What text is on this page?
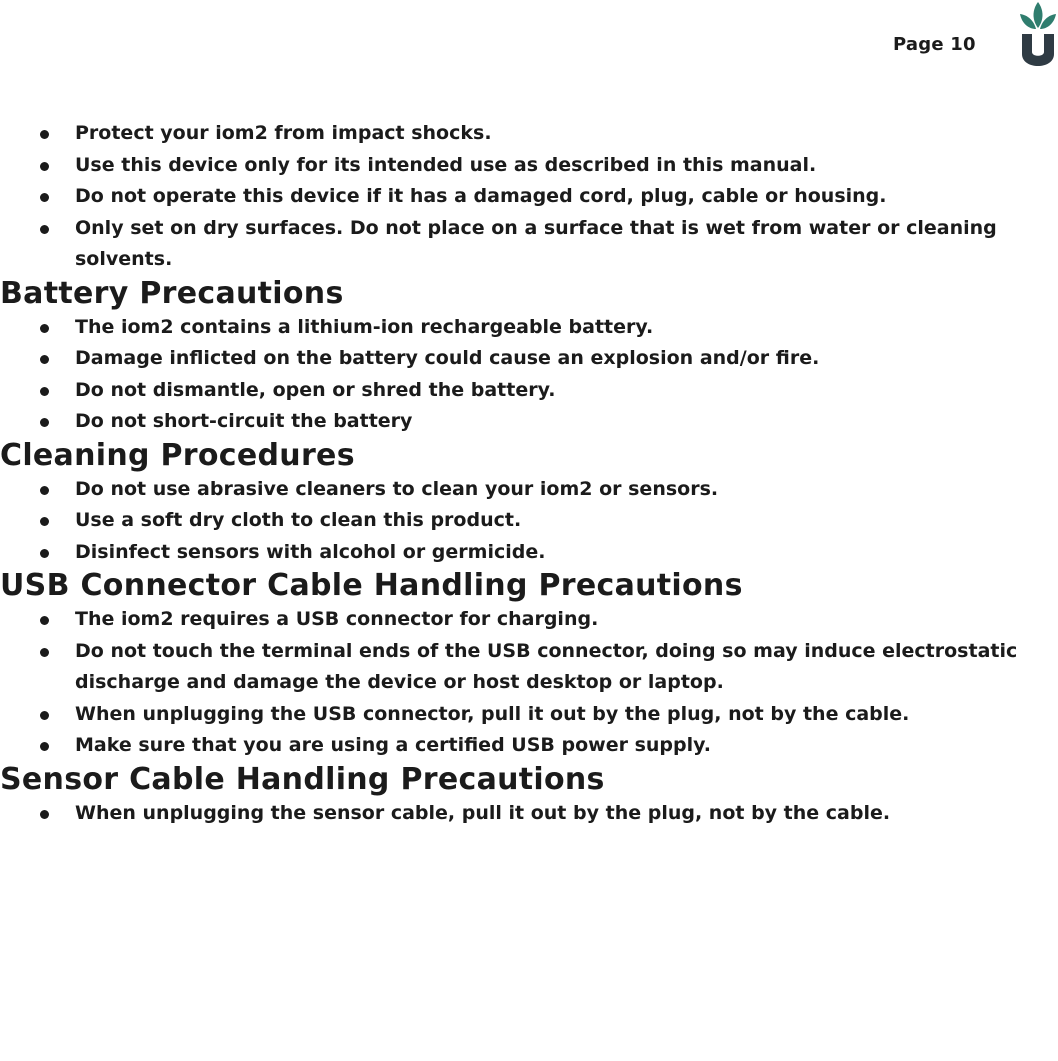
Page 10
Protect your iom2 from impact shocks.
Use this device only for its intended use as described in this manual.
Do not operate this device if it has a damaged cord, plug, cable or housing.
Only set on dry surfaces. Do not place on a surface that is wet from water or cleaning solvents.
Battery Precautions
The iom2 contains a lithium-ion rechargeable battery.
Damage inflicted on the battery could cause an explosion and/or fire.
Do not dismantle, open or shred the battery.
Do not short-circuit the battery
Cleaning Procedures
Do not use abrasive cleaners to clean your iom2 or sensors.
Use a soft dry cloth to clean this product.
Disinfect sensors with alcohol or germicide.
USB Connector Cable Handling Precautions
The iom2 requires a USB connector for charging.
Do not touch the terminal ends of the USB connector, doing so may induce electrostatic discharge and damage the device or host desktop or laptop.
When unplugging the USB connector, pull it out by the plug, not by the cable.
Make sure that you are using a certified USB power supply.
Sensor Cable Handling Precautions
When unplugging the sensor cable, pull it out by the plug, not by the cable.
